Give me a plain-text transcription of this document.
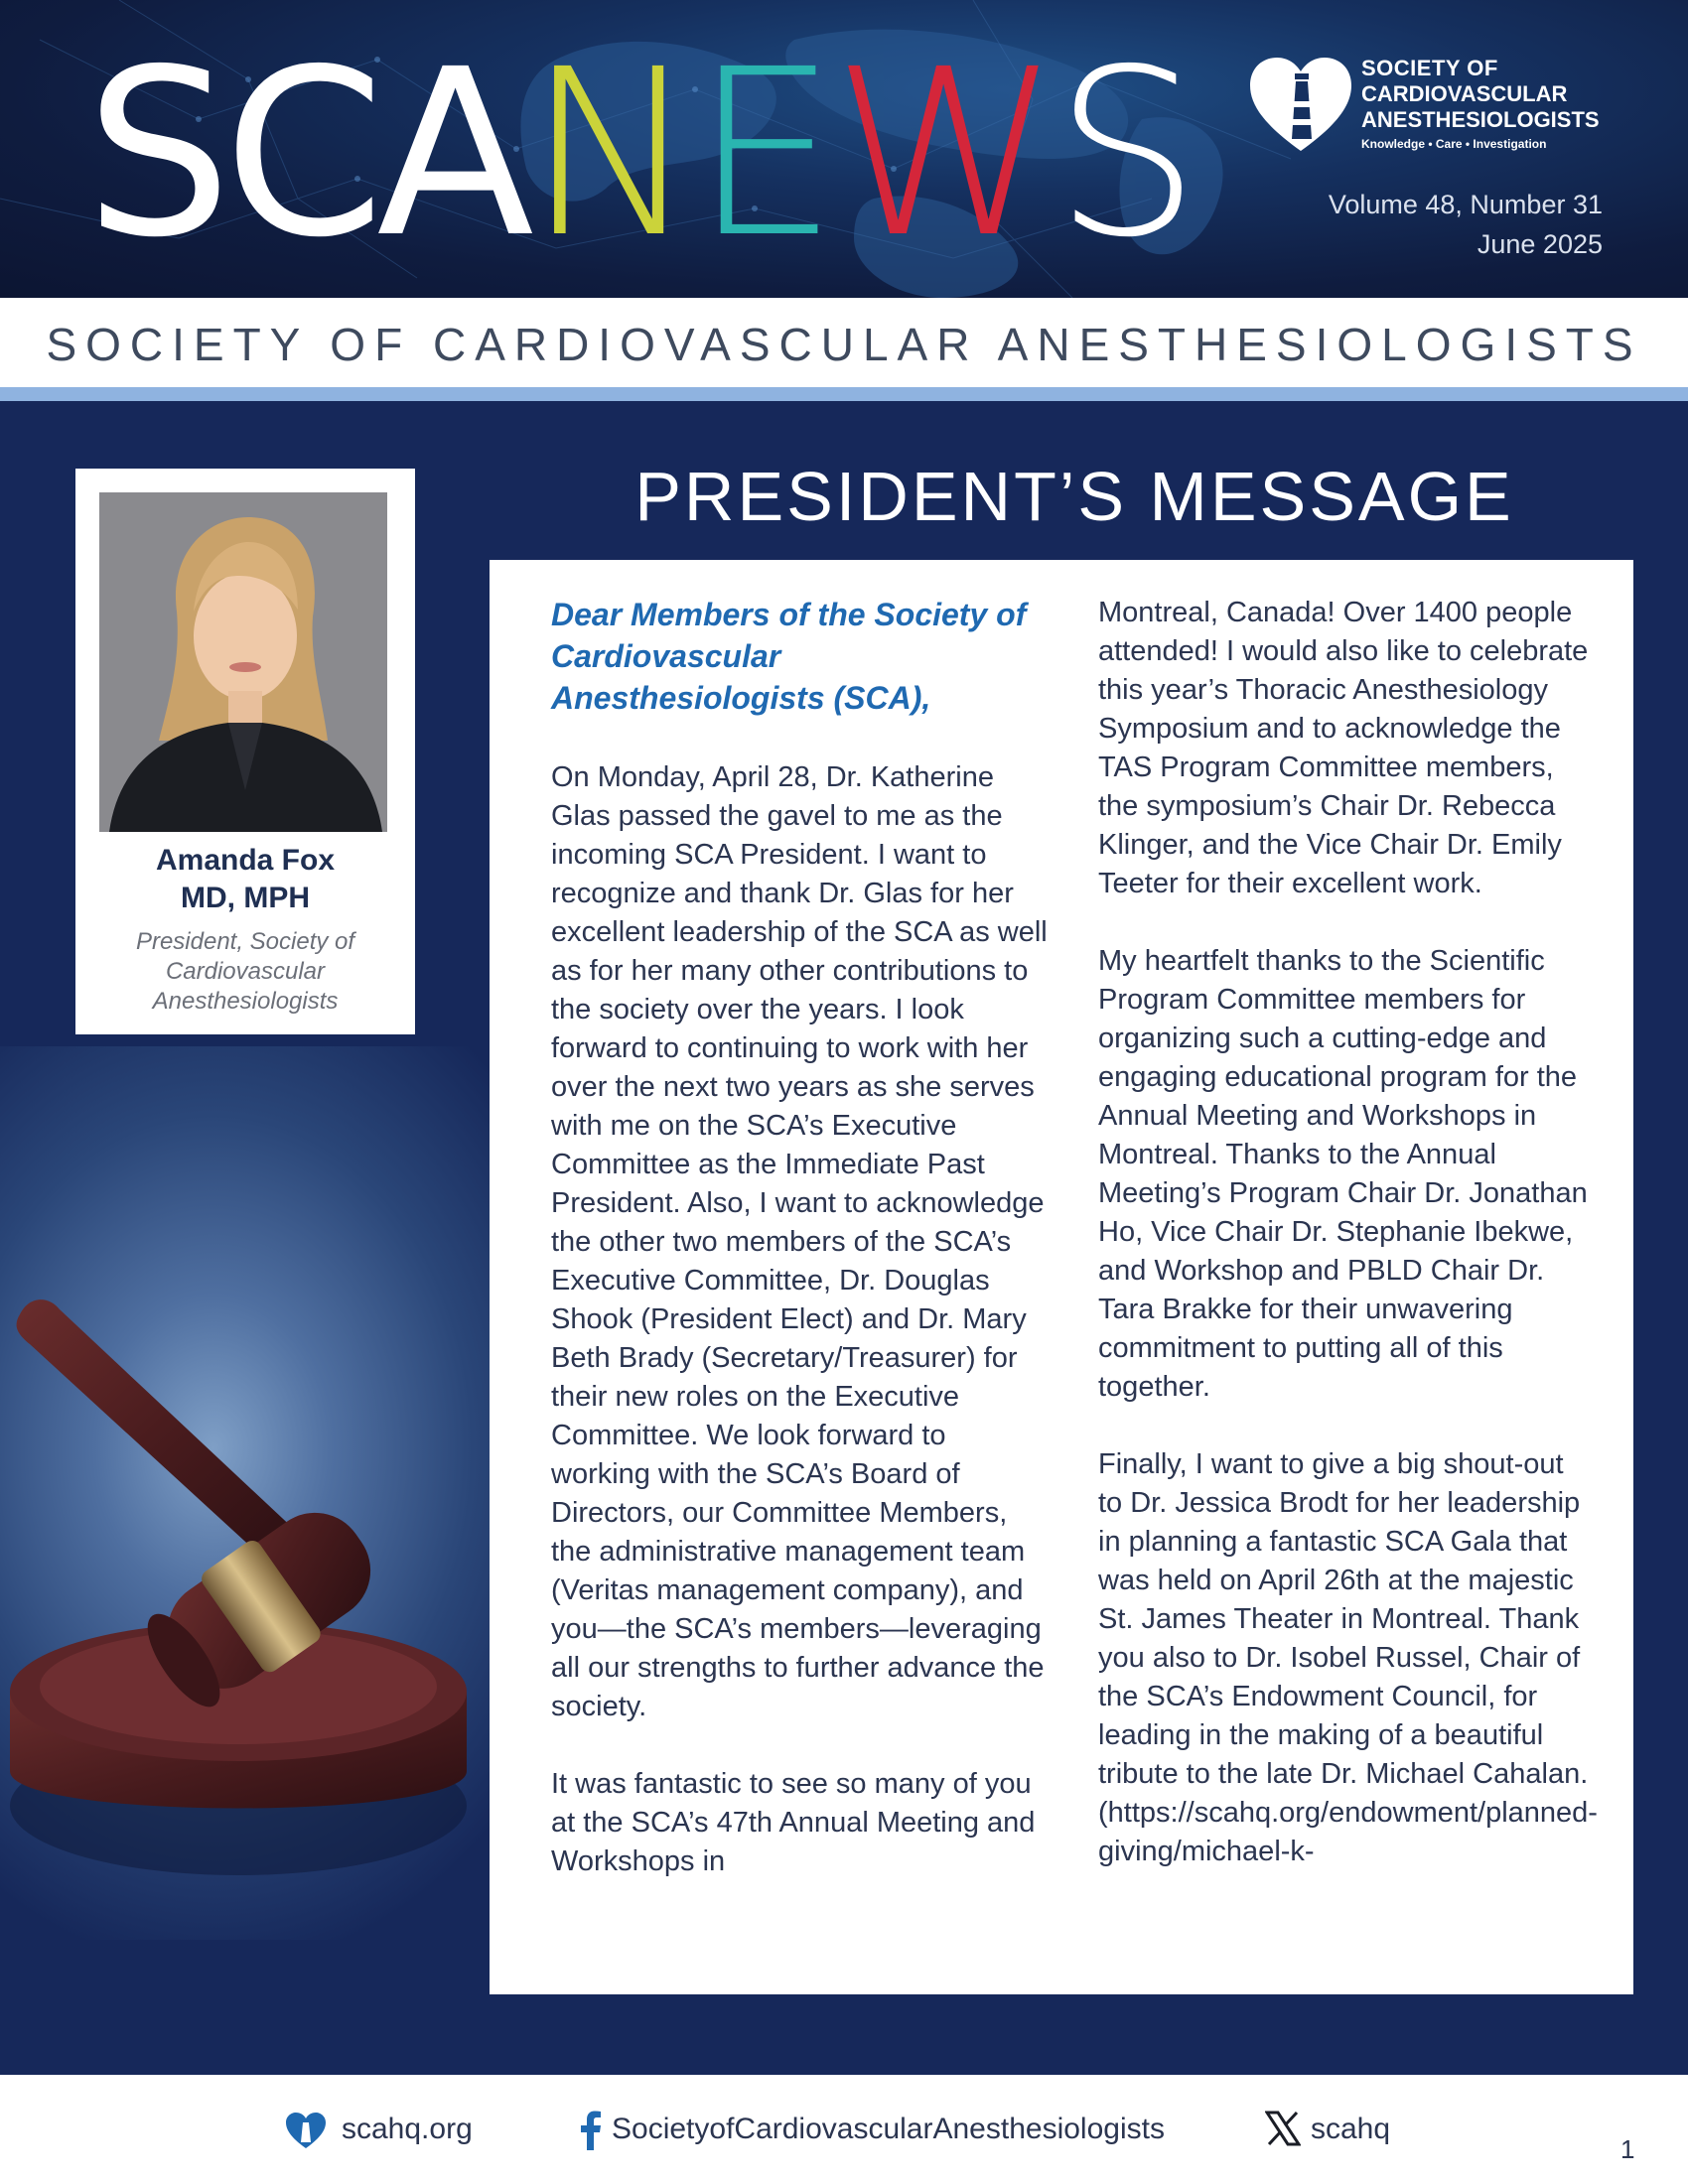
SCANEWS	SOCIETY OF
CARDIOVASCULAR
ANESTHESIOLOGISTS
Knowledge • Care • Investigation
Volume 48, Number 31
June 2025
SOCIETY OF CARDIOVASCULAR ANESTHESIOLOGISTS
Amanda Fox
MD, MPH
President, Society of Cardiovascular Anesthesiologists
PRESIDENT’S MESSAGE

Dear Members of the Society of Cardiovascular Anesthesiologists (SCA),

On Monday, April 28, Dr. Katherine Glas passed the gavel to me as the incoming SCA President. I want to recognize and thank Dr. Glas for her excellent leadership of the SCA as well as for her many other contributions to the society over the years. I look forward to continuing to work with her over the next two years as she serves with me on the SCA’s Executive Committee as the Immediate Past President. Also, I want to acknowledge the other two members of the SCA’s Executive Committee, Dr. Douglas Shook (President Elect) and Dr. Mary Beth Brady (Secretary/Treasurer) for their new roles on the Executive Committee. We look forward to working with the SCA’s Board of Directors, our Committee Members, the administrative management team (Veritas management company), and you—the SCA’s members—leveraging all our strengths to further advance the society.

It was fantastic to see so many of you at the SCA’s 47th Annual Meeting and Workshops in

Montreal, Canada! Over 1400 people attended! I would also like to celebrate this year’s Thoracic Anesthesiology Symposium and to acknowledge the TAS Program Committee members, the symposium’s Chair Dr. Rebecca Klinger, and the Vice Chair Dr. Emily Teeter for their excellent work.

My heartfelt thanks to the Scientific Program Committee members for organizing such a cutting-edge and engaging educational program for the Annual Meeting and Workshops in Montreal. Thanks to the Annual Meeting’s Program Chair Dr. Jonathan Ho, Vice Chair Dr. Stephanie Ibekwe, and Workshop and PBLD Chair Dr. Tara Brakke for their unwavering commitment to putting all of this together.

Finally, I want to give a big shout-out to Dr. Jessica Brodt for her leadership in planning a fantastic SCA Gala that was held on April 26th at the majestic St. James Theater in Montreal. Thank you also to Dr. Isobel Russel, Chair of the SCA’s Endowment Council, for leading in the making of a beautiful tribute to the late Dr. Michael Cahalan. (https://scahq.org/endowment/planned-giving/michael-k-

scahq.org	SocietyofCardiovascularAnesthesiologists	scahq
1
